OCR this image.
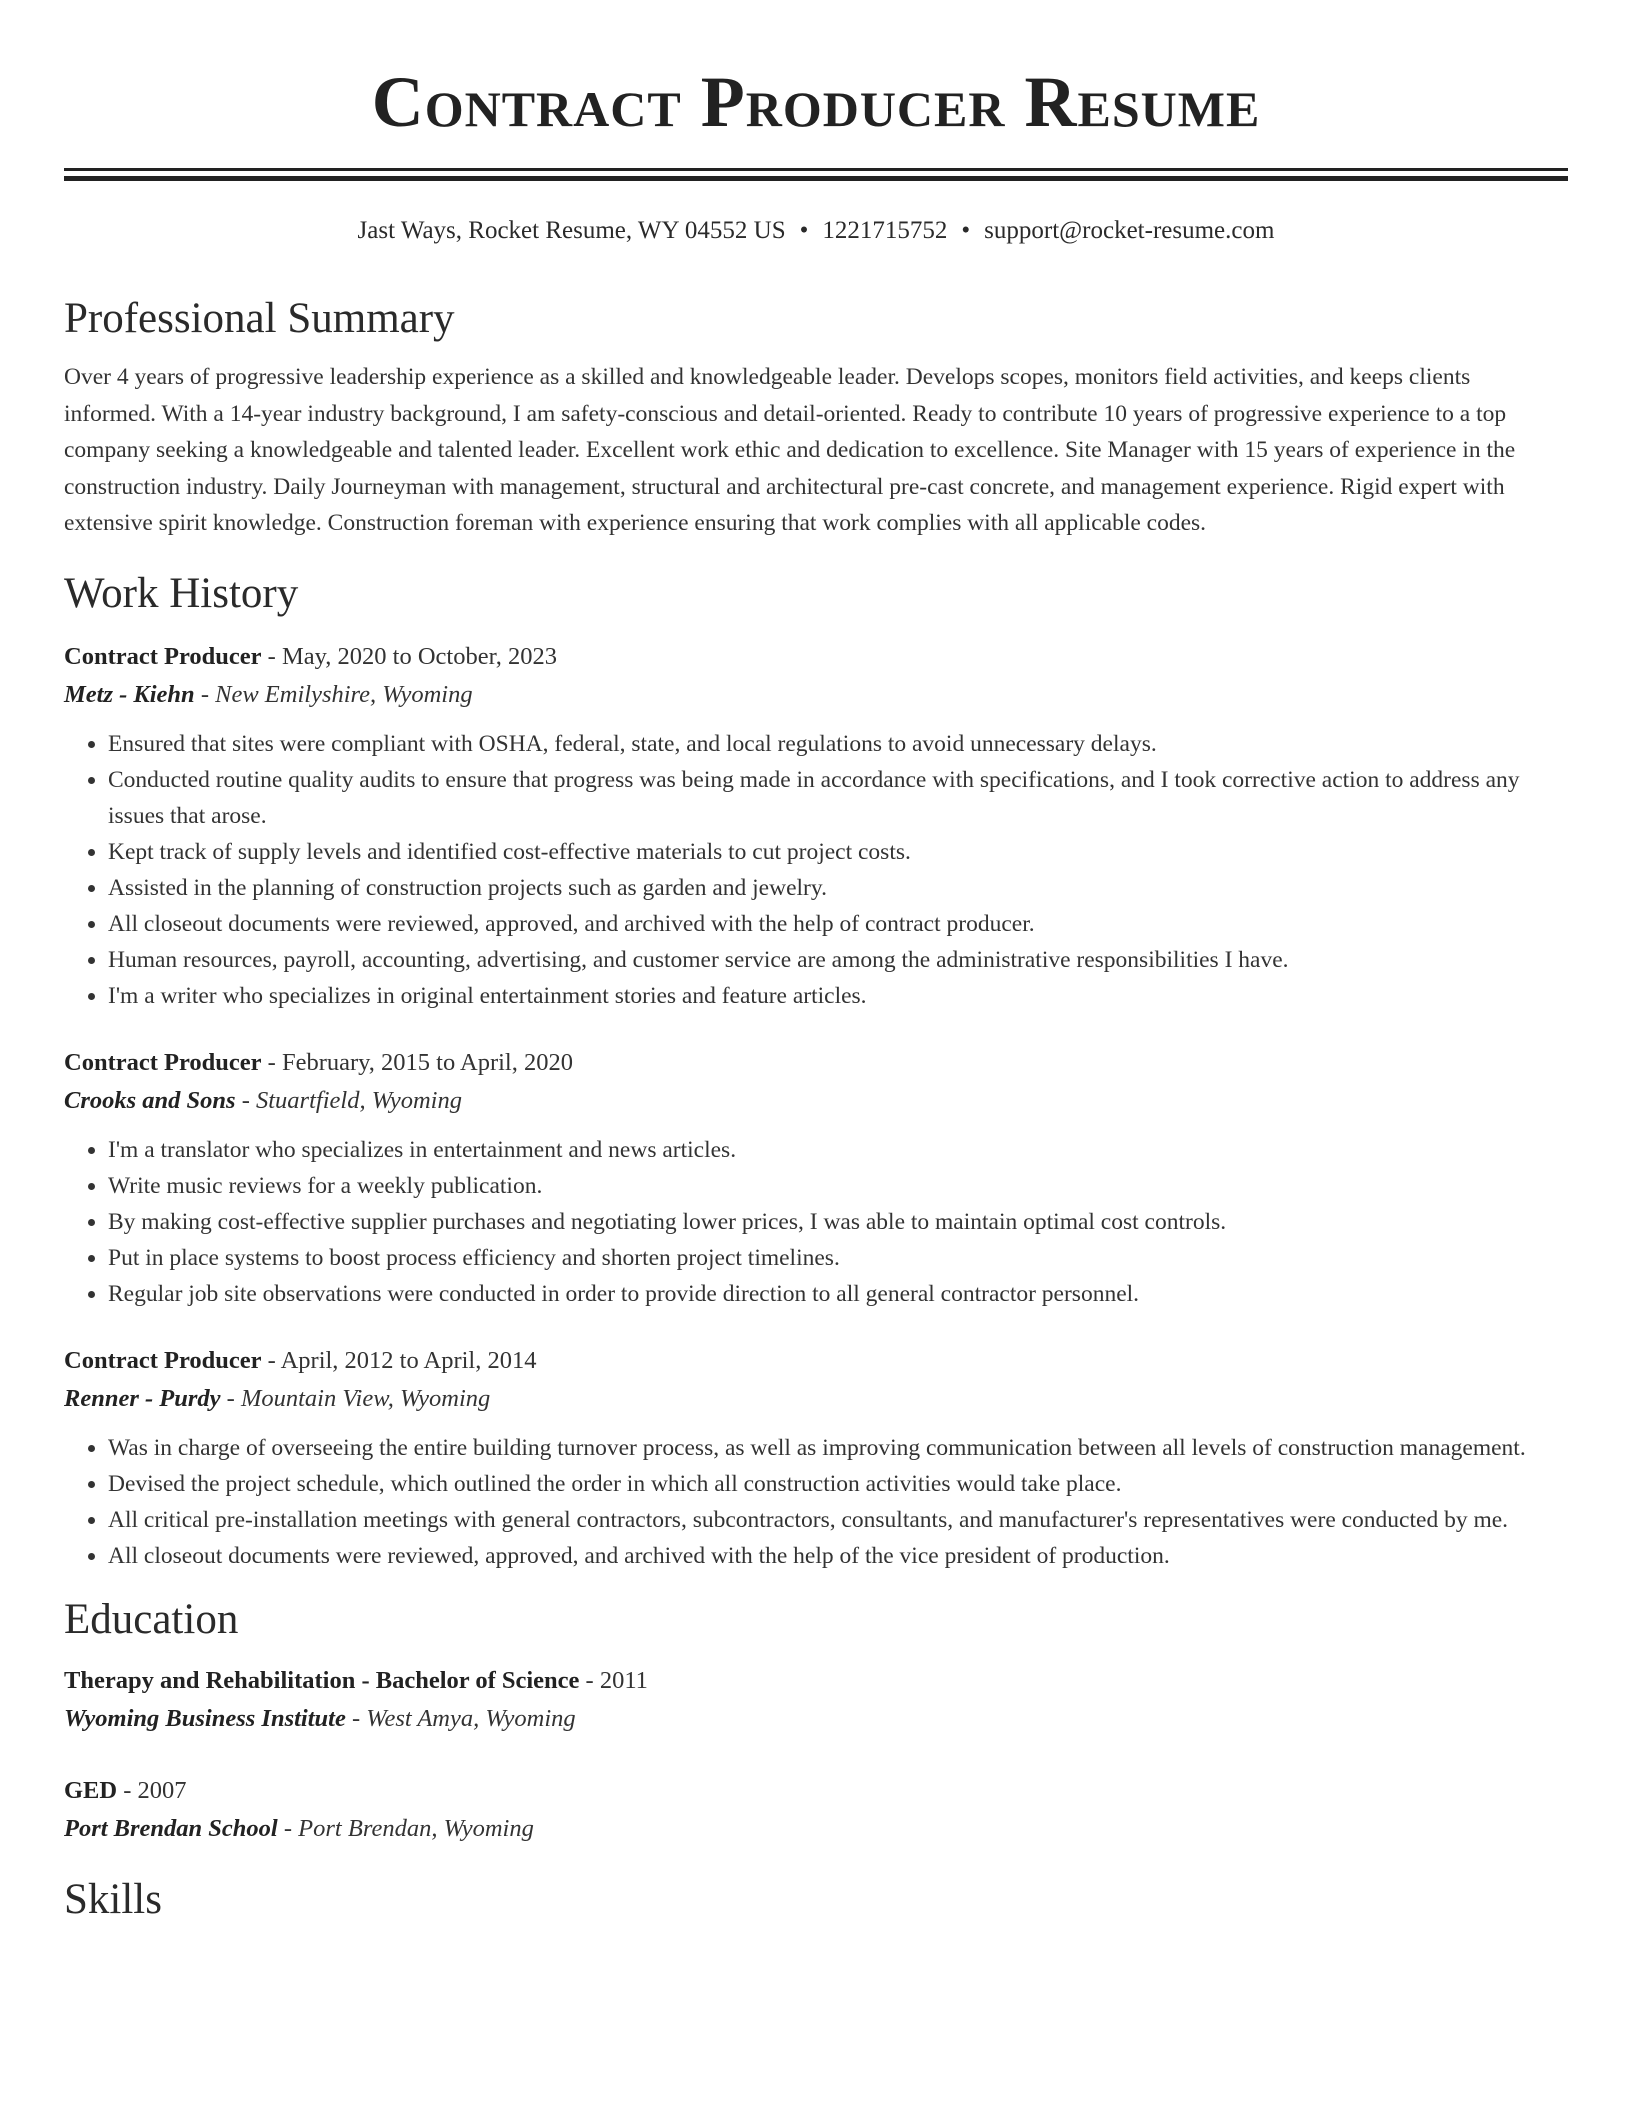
Contract Producer Resume
Jast Ways, Rocket Resume, WY 04552 US • 1221715752 • support@rocket-resume.com
Professional Summary

Over 4 years of progressive leadership experience as a skilled and knowledgeable leader. Develops scopes, monitors field activities, and keeps clients informed. With a 14-year industry background, I am safety-conscious and detail-oriented. Ready to contribute 10 years of progressive experience to a top company seeking a knowledgeable and talented leader. Excellent work ethic and dedication to excellence. Site Manager with 15 years of experience in the construction industry. Daily Journeyman with management, structural and architectural pre-cast concrete, and management experience. Rigid expert with extensive spirit knowledge. Construction foreman with experience ensuring that work complies with all applicable codes.

Work History
Contract Producer - May, 2020 to October, 2023
Metz - Kiehn - New Emilyshire, Wyoming
• Ensured that sites were compliant with OSHA, federal, state, and local regulations to avoid unnecessary delays.
• Conducted routine quality audits to ensure that progress was being made in accordance with specifications, and I took corrective action to address any issues that arose.
• Kept track of supply levels and identified cost-effective materials to cut project costs.
• Assisted in the planning of construction projects such as garden and jewelry.
• All closeout documents were reviewed, approved, and archived with the help of contract producer.
• Human resources, payroll, accounting, advertising, and customer service are among the administrative responsibilities I have.
• I'm a writer who specializes in original entertainment stories and feature articles.
Contract Producer - February, 2015 to April, 2020
Crooks and Sons - Stuartfield, Wyoming
• I'm a translator who specializes in entertainment and news articles.
• Write music reviews for a weekly publication.
• By making cost-effective supplier purchases and negotiating lower prices, I was able to maintain optimal cost controls.
• Put in place systems to boost process efficiency and shorten project timelines.
• Regular job site observations were conducted in order to provide direction to all general contractor personnel.
Contract Producer - April, 2012 to April, 2014
Renner - Purdy - Mountain View, Wyoming
• Was in charge of overseeing the entire building turnover process, as well as improving communication between all levels of construction management.
• Devised the project schedule, which outlined the order in which all construction activities would take place.
• All critical pre-installation meetings with general contractors, subcontractors, consultants, and manufacturer's representatives were conducted by me.
• All closeout documents were reviewed, approved, and archived with the help of the vice president of production.
Education
Therapy and Rehabilitation - Bachelor of Science - 2011
Wyoming Business Institute - West Amya, Wyoming
GED - 2007
Port Brendan School - Port Brendan, Wyoming
Skills
